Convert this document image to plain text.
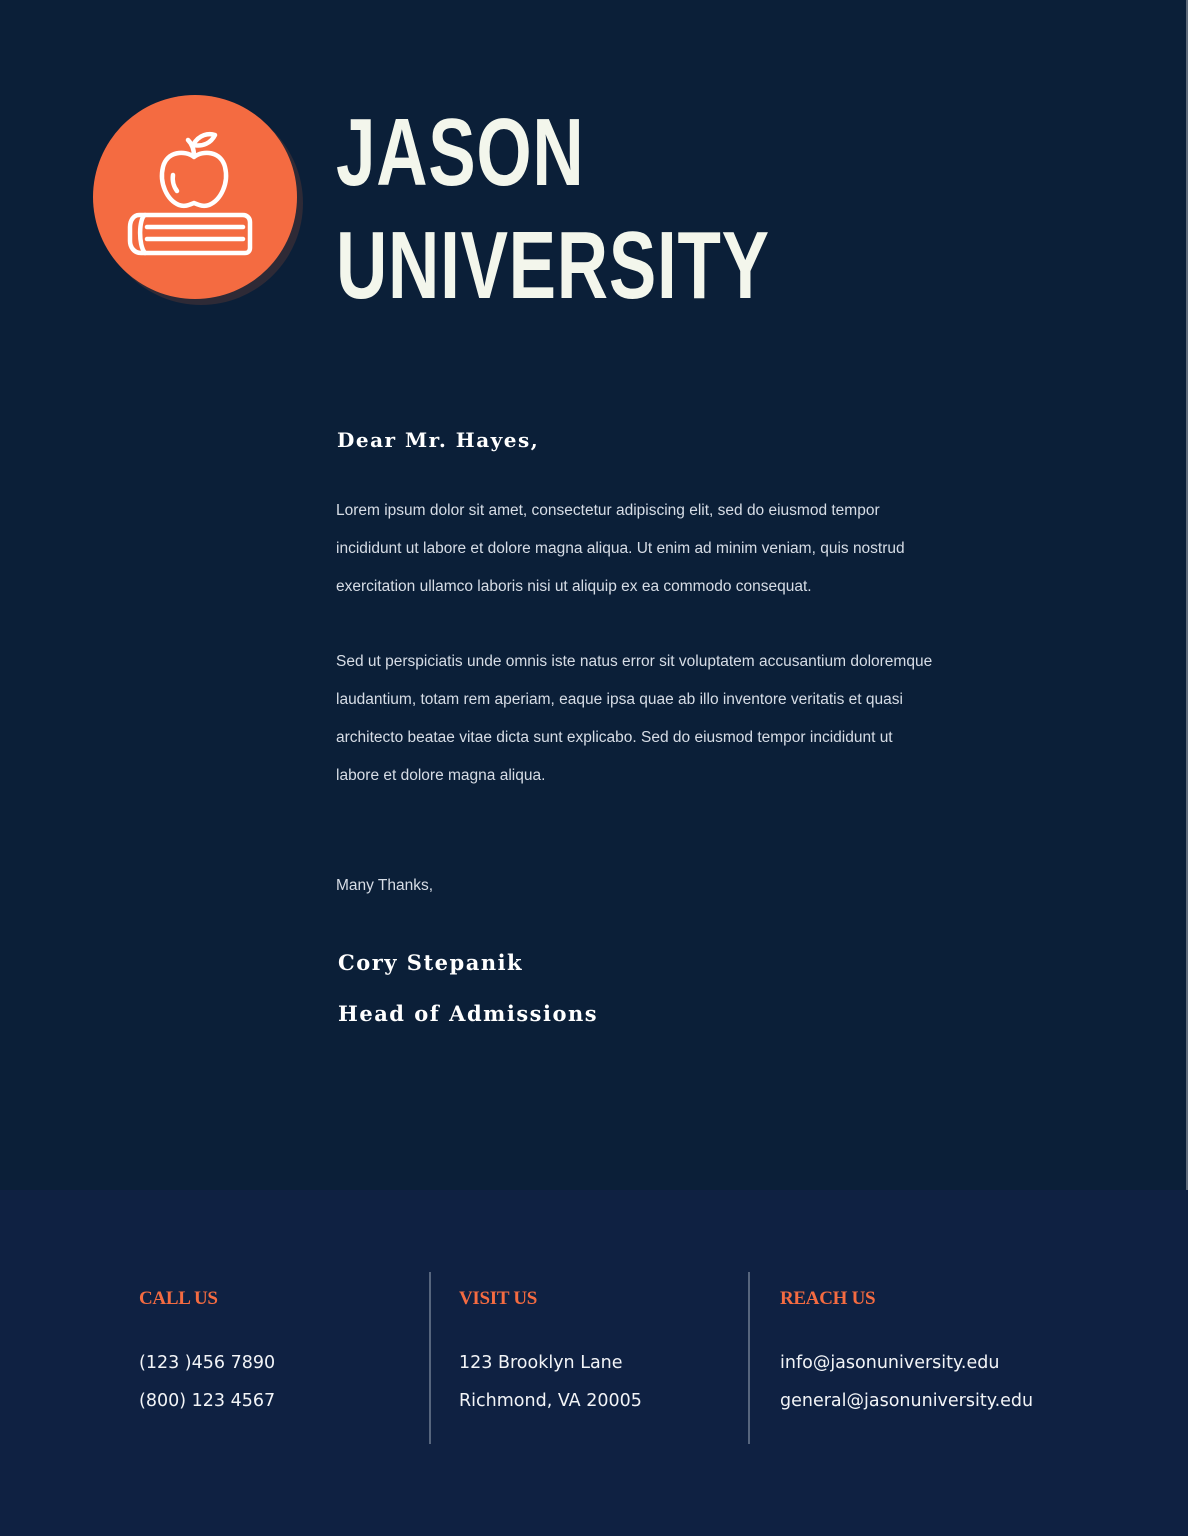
JASON
UNIVERSITY
Dear Mr. Hayes,

Lorem ipsum dolor sit amet, consectetur adipiscing elit, sed do eiusmod tempor incididunt ut labore et dolore magna aliqua. Ut enim ad minim veniam, quis nostrud exercitation ullamco laboris nisi ut aliquip ex ea commodo consequat.

Sed ut perspiciatis unde omnis iste natus error sit voluptatem accusantium doloremque laudantium, totam rem aperiam, eaque ipsa quae ab illo inventore veritatis et quasi architecto beatae vitae dicta sunt explicabo. Sed do eiusmod tempor incididunt ut labore et dolore magna aliqua.

Many Thanks,
Cory Stepanik
Head of Admissions
CALL US
(123 )456 7890
(800) 123 4567
VISIT US
123 Brooklyn Lane
Richmond, VA 20005
REACH US
info@jasonuniversity.edu
general@jasonuniversity.edu
